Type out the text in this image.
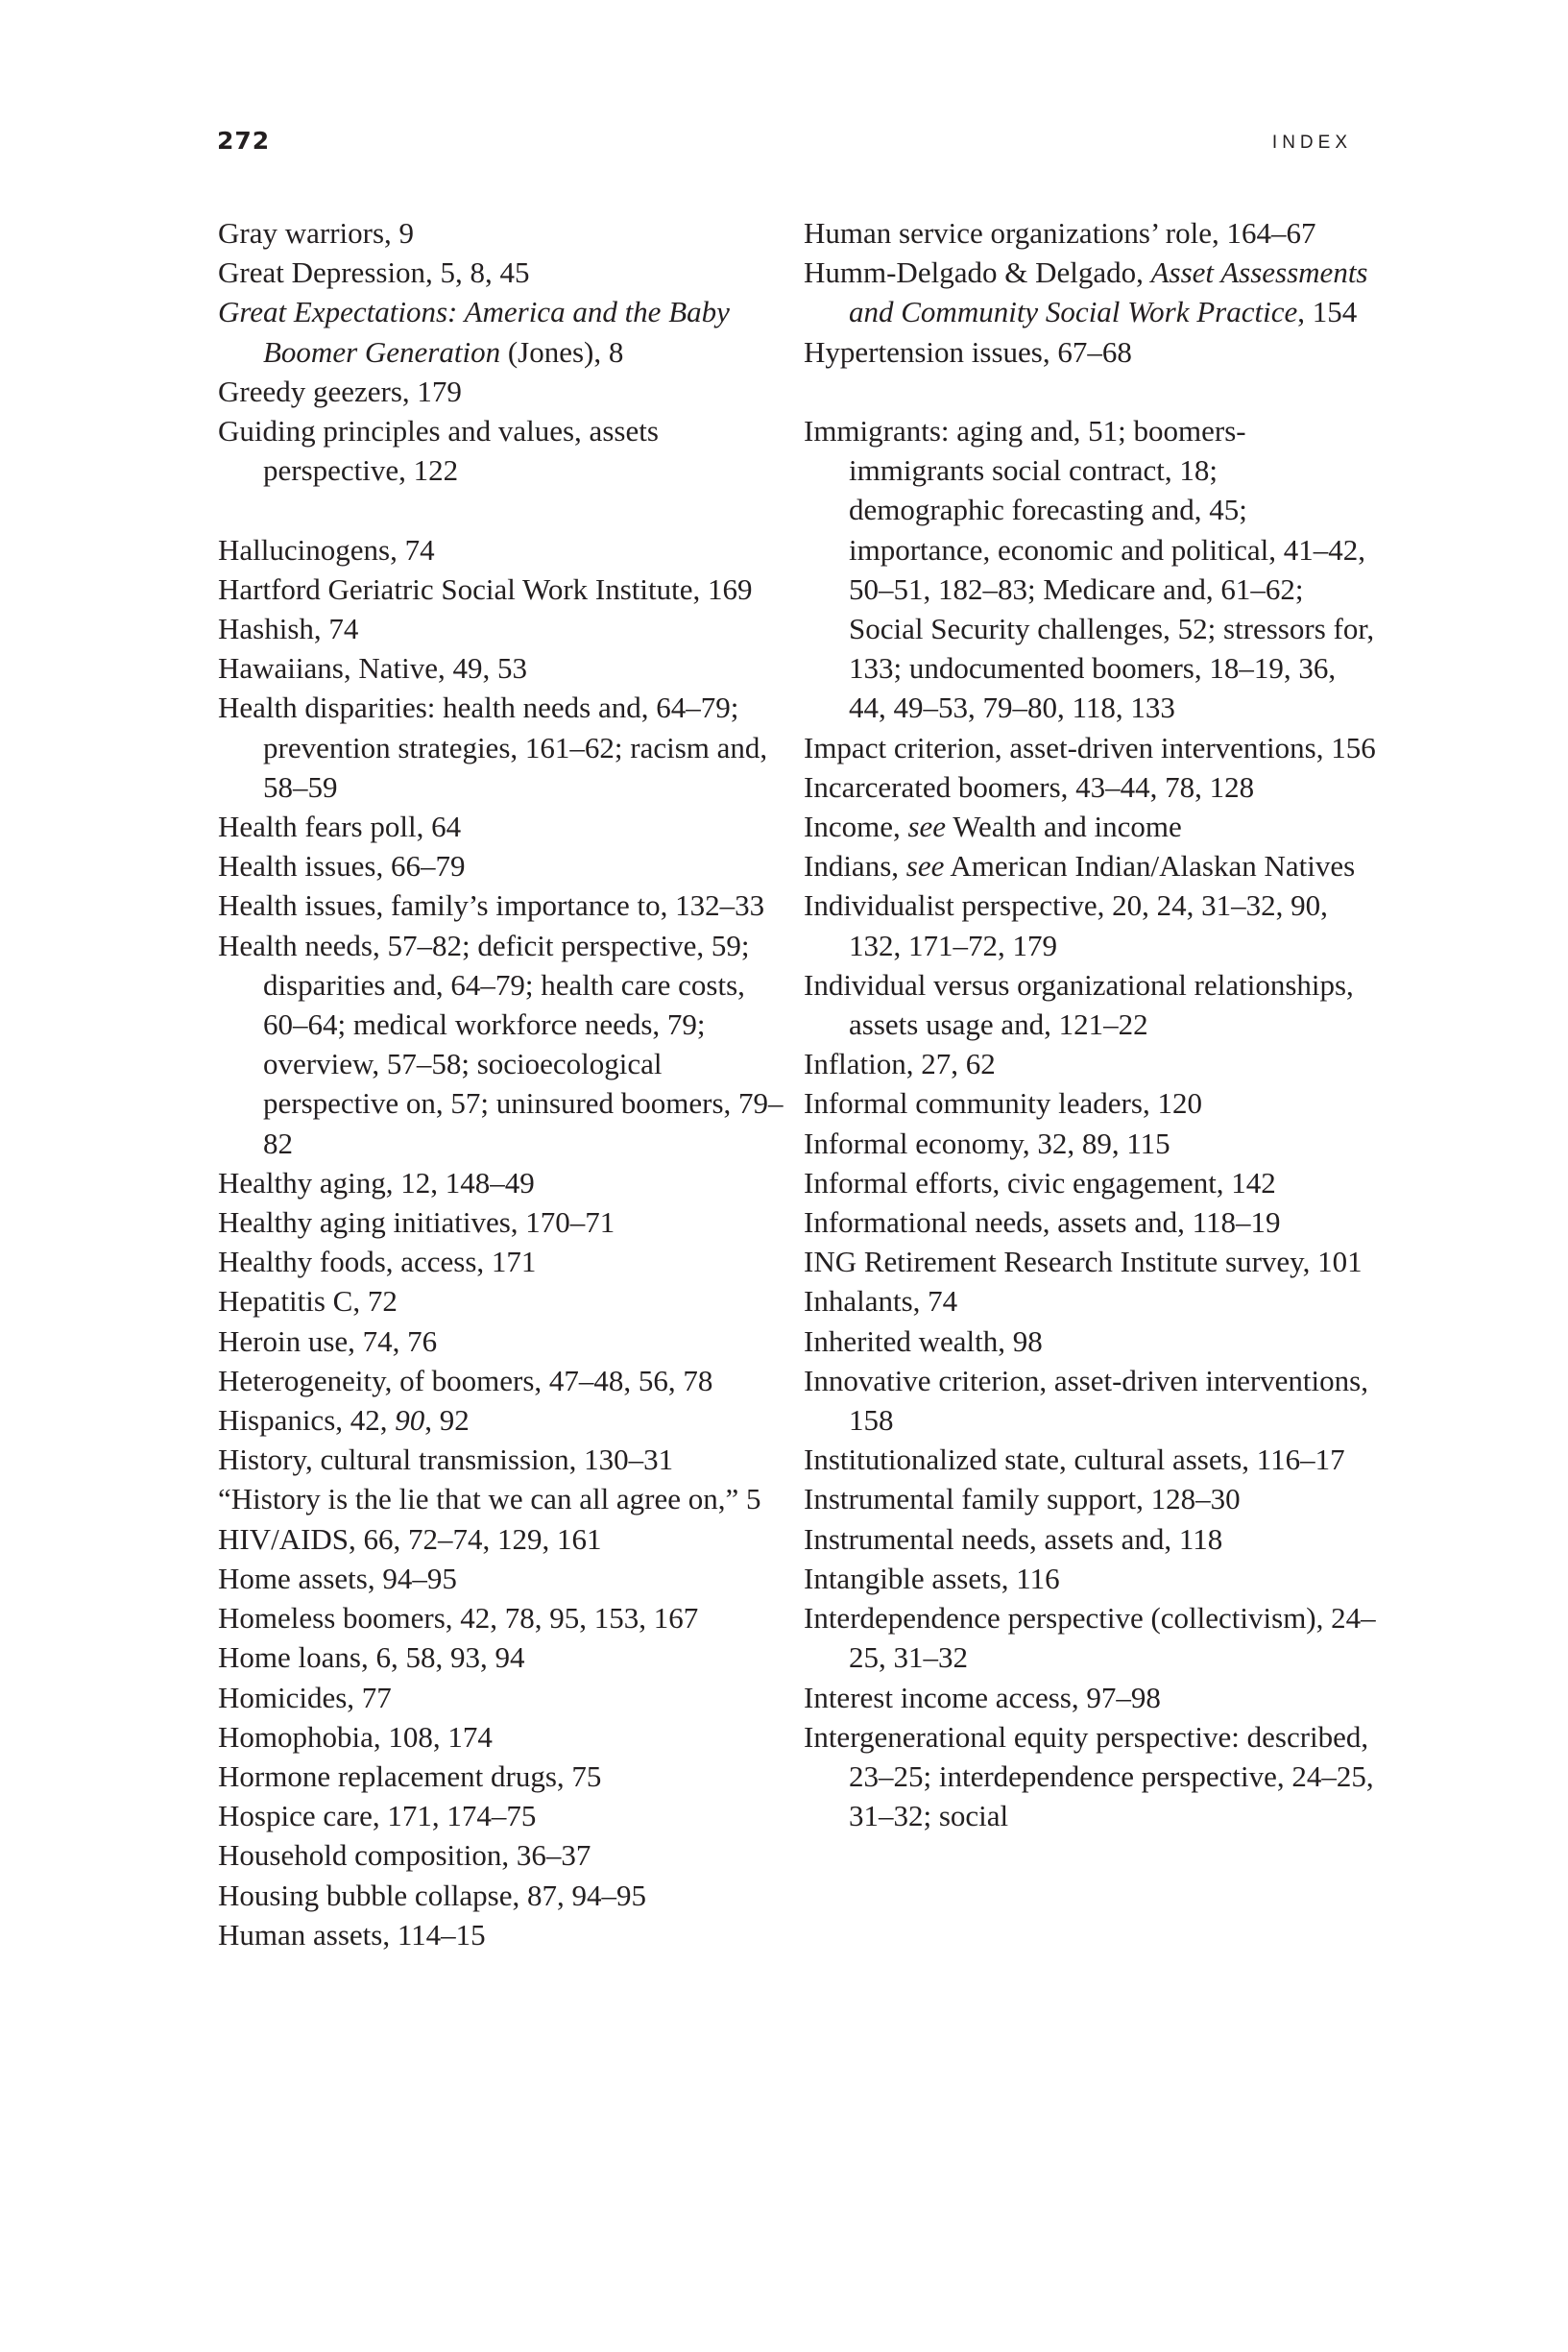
272	INDEX

Gray warriors, 9

Great Depression, 5, 8, 45

Great Expectations: America and the Baby Boomer Generation (Jones), 8

Greedy geezers, 179

Guiding principles and values, assets perspective, 122

Hallucinogens, 74

Hartford Geriatric Social Work Institute, 169

Hashish, 74

Hawaiians, Native, 49, 53

Health disparities: health needs and, 64–79; prevention strategies, 161–62; racism and, 58–59

Health fears poll, 64

Health issues, 66–79

Health issues, family’s importance to, 132–33

Health needs, 57–82; deficit perspective, 59; disparities and, 64–79; health care costs, 60–64; medical workforce needs, 79; overview, 57–58; socioecological perspective on, 57; uninsured boomers, 79–82

Healthy aging, 12, 148–49

Healthy aging initiatives, 170–71

Healthy foods, access, 171

Hepatitis C, 72

Heroin use, 74, 76

Heterogeneity, of boomers, 47–48, 56, 78

Hispanics, 42, 90, 92

History, cultural transmission, 130–31

“History is the lie that we can all agree on,” 5

HIV/AIDS, 66, 72–74, 129, 161

Home assets, 94–95

Homeless boomers, 42, 78, 95, 153, 167

Home loans, 6, 58, 93, 94

Homicides, 77

Homophobia, 108, 174

Hormone replacement drugs, 75

Hospice care, 171, 174–75

Household composition, 36–37

Housing bubble collapse, 87, 94–95

Human assets, 114–15

Human service organizations’ role, 164–67

Humm-Delgado & Delgado, Asset Assessments and Community Social Work Practice, 154

Hypertension issues, 67–68

Immigrants: aging and, 51; boomers-immigrants social contract, 18; demographic forecasting and, 45; importance, economic and political, 41–42, 50–51, 182–83; Medicare and, 61–62; Social Security challenges, 52; stressors for, 133; undocumented boomers, 18–19, 36, 44, 49–53, 79–80, 118, 133

Impact criterion, asset-driven interventions, 156

Incarcerated boomers, 43–44, 78, 128

Income, see Wealth and income

Indians, see American Indian/Alaskan Natives

Individualist perspective, 20, 24, 31–32, 90, 132, 171–72, 179

Individual versus organizational relationships, assets usage and, 121–22

Inflation, 27, 62

Informal community leaders, 120

Informal economy, 32, 89, 115

Informal efforts, civic engagement, 142

Informational needs, assets and, 118–19

ING Retirement Research Institute survey, 101

Inhalants, 74

Inherited wealth, 98

Innovative criterion, asset-driven interventions, 158

Institutionalized state, cultural assets, 116–17

Instrumental family support, 128–30

Instrumental needs, assets and, 118

Intangible assets, 116

Interdependence perspective (collectivism), 24–25, 31–32

Interest income access, 97–98

Intergenerational equity perspective: described, 23–25; interdependence perspective, 24–25, 31–32; social
